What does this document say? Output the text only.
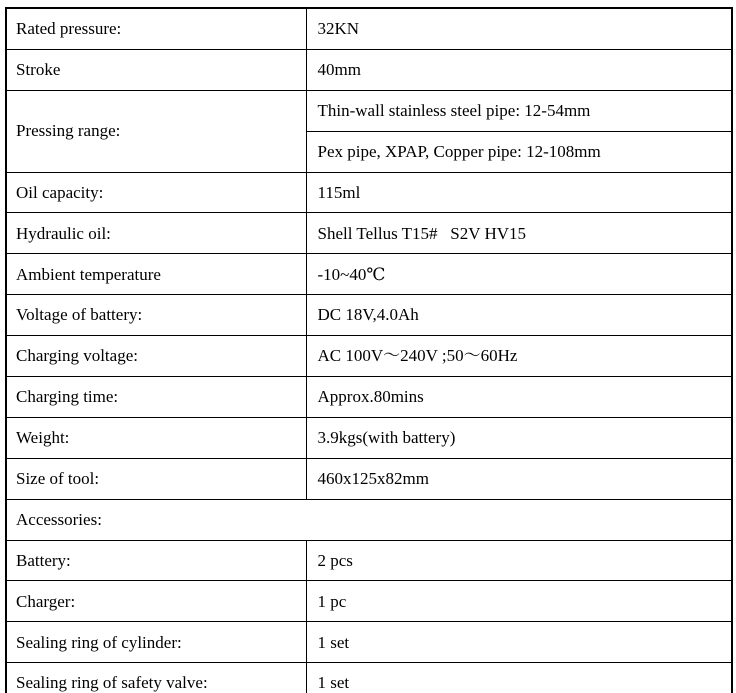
Rated pressure:	32KN
Stroke	40mm
Pressing range:	Thin-wall stainless steel pipe: 12-54mm
	Pex pipe, XPAP, Copper pipe: 12-108mm
Oil capacity:	115ml
Hydraulic oil:	Shell Tellus T15#   S2V HV15
Ambient temperature	-10~40℃
Voltage of battery:	DC 18V,4.0Ah
Charging voltage:	AC 100V～240V ;50～60Hz
Charging time:	Approx.80mins
Weight:	3.9kgs(with battery)
Size of tool:	460x125x82mm
Accessories:	
Battery:	2 pcs
Charger:	1 pc
Sealing ring of cylinder:	1 set
Sealing ring of safety valve:	1 set
